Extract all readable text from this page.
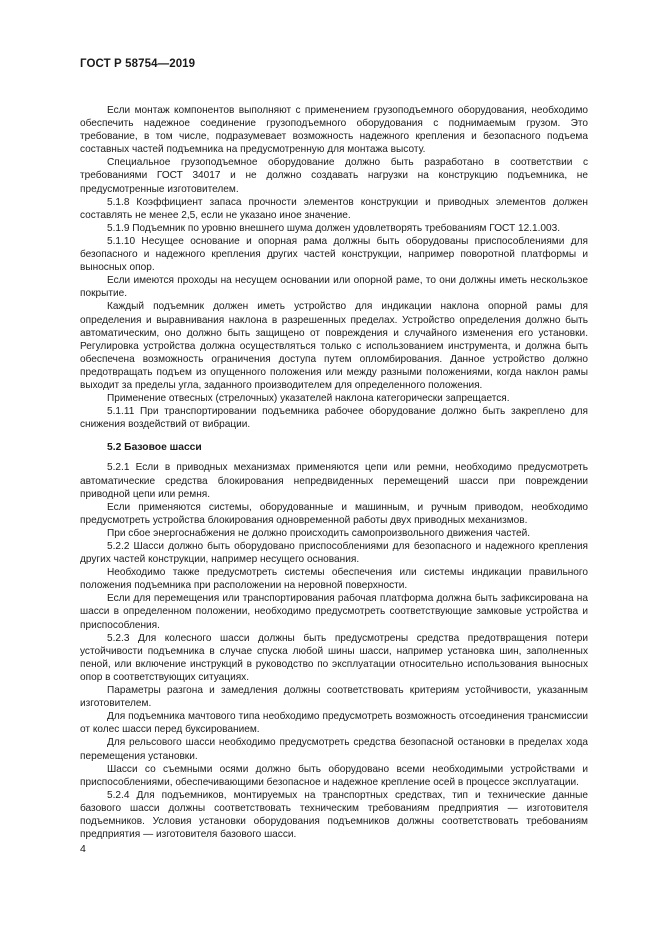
ГОСТ Р 58754—2019

Если монтаж компонентов выполняют с применением грузоподъемного оборудования, необходимо обеспечить надежное соединение грузоподъемного оборудования с поднимаемым грузом. Это требование, в том числе, подразумевает возможность надежного крепления и безопасного подъема составных частей подъемника на предусмотренную для монтажа высоту.

Специальное грузоподъемное оборудование должно быть разработано в соответствии с требованиями ГОСТ 34017 и не должно создавать нагрузки на конструкцию подъемника, не предусмотренные изготовителем.

5.1.8 Коэффициент запаса прочности элементов конструкции и приводных элементов должен составлять не менее 2,5, если не указано иное значение.

5.1.9 Подъемник по уровню внешнего шума должен удовлетворять требованиям ГОСТ 12.1.003.

5.1.10 Несущее основание и опорная рама должны быть оборудованы приспособлениями для безопасного и надежного крепления других частей конструкции, например поворотной платформы и выносных опор.

Если имеются проходы на несущем основании или опорной раме, то они должны иметь нескользкое покрытие.

Каждый подъемник должен иметь устройство для индикации наклона опорной рамы для определения и выравнивания наклона в разрешенных пределах. Устройство определения должно быть автоматическим, оно должно быть защищено от повреждения и случайного изменения его установки. Регулировка устройства должна осуществляться только с использованием инструмента, и должна быть обеспечена возможность ограничения доступа путем опломбирования. Данное устройство должно предотвращать подъем из опущенного положения или между разными положениями, когда наклон рамы выходит за пределы угла, заданного производителем для определенного положения.

Применение отвесных (стрелочных) указателей наклона категорически запрещается.

5.1.11 При транспортировании подъемника рабочее оборудование должно быть закреплено для снижения воздействий от вибрации.

5.2 Базовое шасси

5.2.1 Если в приводных механизмах применяются цепи или ремни, необходимо предусмотреть автоматические средства блокирования непредвиденных перемещений шасси при повреждении приводной цепи или ремня.

Если применяются системы, оборудованные и машинным, и ручным приводом, необходимо предусмотреть устройства блокирования одновременной работы двух приводных механизмов.

При сбое энергоснабжения не должно происходить самопроизвольного движения частей.

5.2.2 Шасси должно быть оборудовано приспособлениями для безопасного и надежного крепления других частей конструкции, например несущего основания.

Необходимо также предусмотреть системы обеспечения или системы индикации правильного положения подъемника при расположении на неровной поверхности.

Если для перемещения или транспортирования рабочая платформа должна быть зафиксирована на шасси в определенном положении, необходимо предусмотреть соответствующие замковые устройства и приспособления.

5.2.3 Для колесного шасси должны быть предусмотрены средства предотвращения потери устойчивости подъемника в случае спуска любой шины шасси, например установка шин, заполненных пеной, или включение инструкций в руководство по эксплуатации относительно использования выносных опор в соответствующих ситуациях.

Параметры разгона и замедления должны соответствовать критериям устойчивости, указанным изготовителем.

Для подъемника мачтового типа необходимо предусмотреть возможность отсоединения трансмиссии от колес шасси перед буксированием.

Для рельсового шасси необходимо предусмотреть средства безопасной остановки в пределах хода перемещения установки.

Шасси со съемными осями должно быть оборудовано всеми необходимыми устройствами и приспособлениями, обеспечивающими безопасное и надежное крепление осей в процессе эксплуатации.

5.2.4 Для подъемников, монтируемых на транспортных средствах, тип и технические данные базового шасси должны соответствовать техническим требованиям предприятия — изготовителя подъемников. Условия установки оборудования подъемников должны соответствовать требованиям предприятия — изготовителя базового шасси.

4
